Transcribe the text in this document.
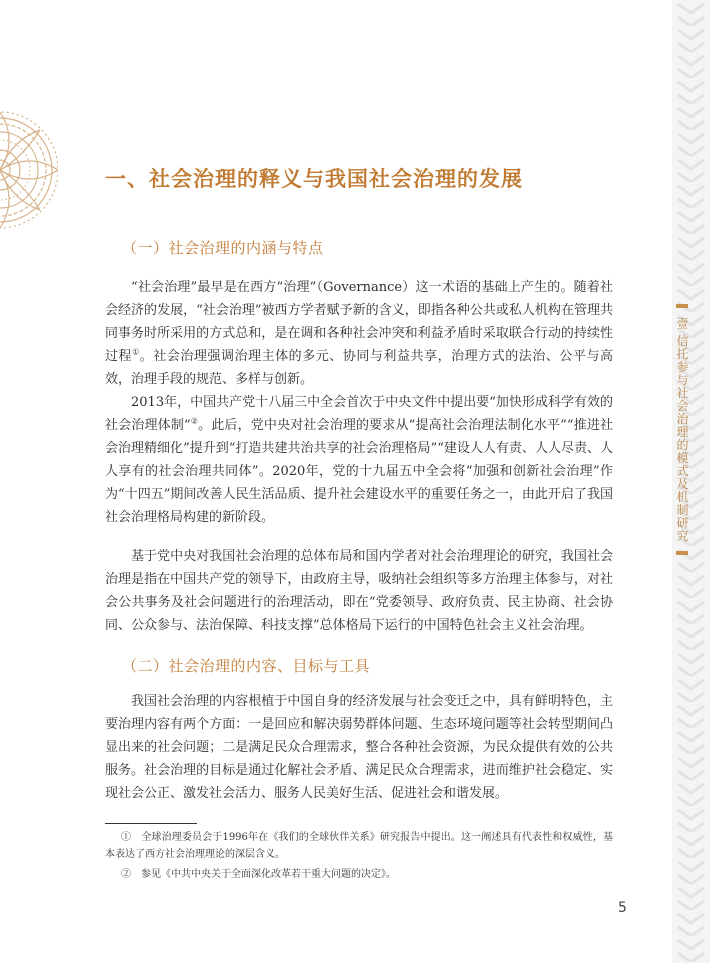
壹 信托参与社会治理的模式及机制研究
一、社会治理的释义与我国社会治理的发展
（一）社会治理的内涵与特点

“社会治理”最早是在西方“治理”（Governance）这一术语的基础上产生的。随着社会经济的发展，“社会治理”被西方学者赋予新的含义，即指各种公共或私人机构在管理共同事务时所采用的方式总和，是在调和各种社会冲突和利益矛盾时采取联合行动的持续性过程①。社会治理强调治理主体的多元、协同与利益共享，治理方式的法治、公平与高效，治理手段的规范、多样与创新。

2013年，中国共产党十八届三中全会首次于中央文件中提出要“加快形成科学有效的社会治理体制”②。此后，党中央对社会治理的要求从“提高社会治理法制化水平”“推进社会治理精细化”提升到“打造共建共治共享的社会治理格局”“建设人人有责、人人尽责、人人享有的社会治理共同体”。2020年，党的十九届五中全会将“加强和创新社会治理”作为“十四五”期间改善人民生活品质、提升社会建设水平的重要任务之一，由此开启了我国社会治理格局构建的新阶段。

基于党中央对我国社会治理的总体布局和国内学者对社会治理理论的研究，我国社会治理是指在中国共产党的领导下，由政府主导，吸纳社会组织等多方治理主体参与，对社会公共事务及社会问题进行的治理活动，即在“党委领导、政府负责、民主协商、社会协同、公众参与、法治保障、科技支撑”总体格局下运行的中国特色社会主义社会治理。

（二）社会治理的内容、目标与工具

我国社会治理的内容根植于中国自身的经济发展与社会变迁之中，具有鲜明特色，主要治理内容有两个方面：一是回应和解决弱势群体问题、生态环境问题等社会转型期间凸显出来的社会问题；二是满足民众合理需求，整合各种社会资源，为民众提供有效的公共服务。社会治理的目标是通过化解社会矛盾、满足民众合理需求，进而维护社会稳定、实现社会公正、激发社会活力、服务人民美好生活、促进社会和谐发展。

①　 全球治理委员会于1996年在《我们的全球伙伴关系》研究报告中提出。这一阐述具有代表性和权威性，基本表达了西方社会治理理论的深层含义。

②　 参见《中共中央关于全面深化改革若干重大问题的决定》。

5
